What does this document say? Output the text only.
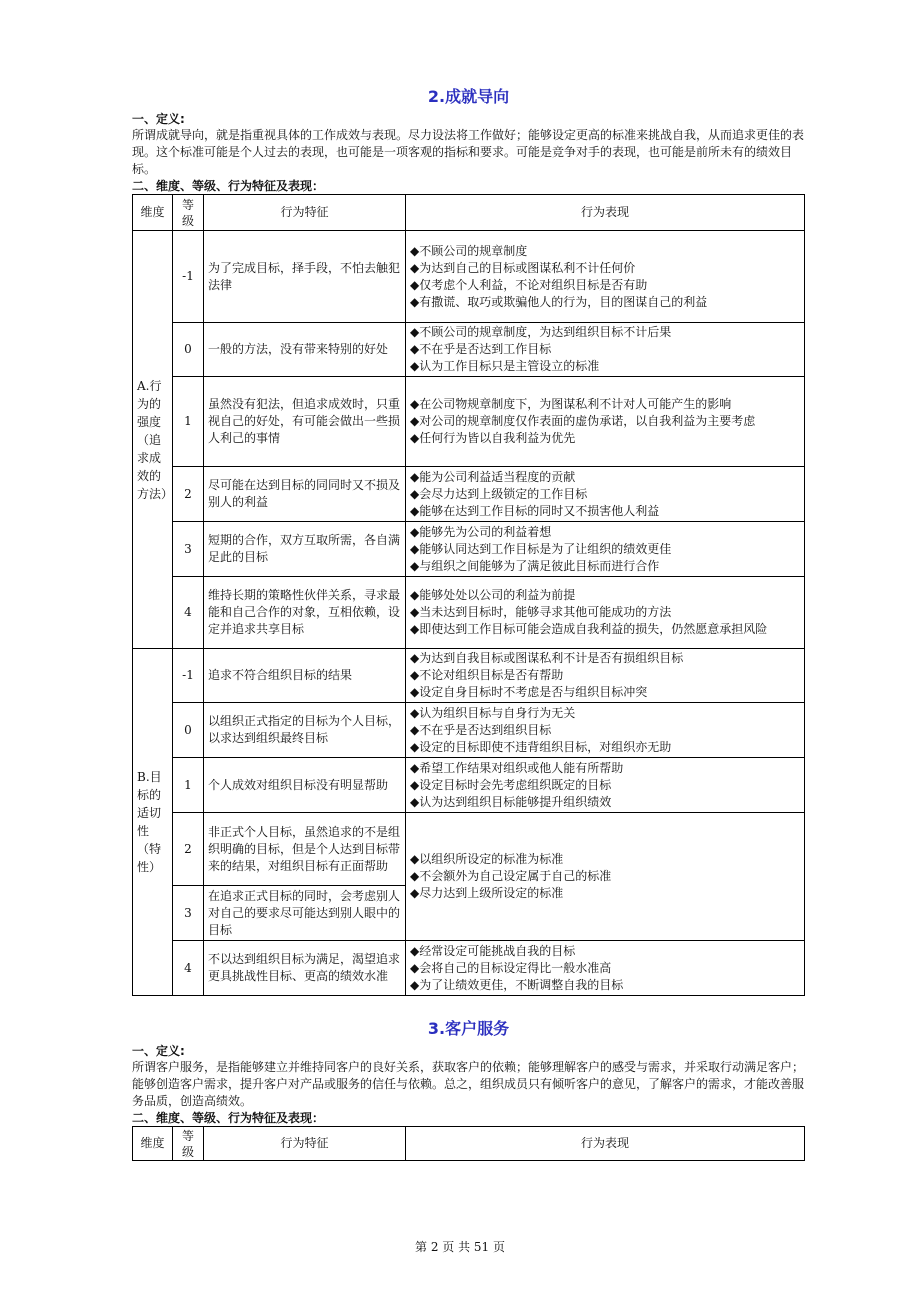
2.成就导向

一、定义:

所谓成就导向，就是指重视具体的工作成效与表现。尽力设法将工作做好；能够设定更高的标准来挑战自我，从而追求更佳的表现。这个标准可能是个人过去的表现，也可能是一项客观的指标和要求。可能是竞争对手的表现，也可能是前所未有的绩效目标。

二、维度、等级、行为特征及表现：

维度	等级	行为特征	行为表现
A.行为的强度（追求成效的方法）	-1	为了完成目标，择手段，不怕去触犯法律	◆不顾公司的规章制度
◆为达到自己的目标或图谋私利不计任何价
◆仅考虑个人利益，不论对组织目标是否有助
◆有撒谎、取巧或欺骗他人的行为，目的图谋自己的利益

	0	一般的方法，没有带来特别的好处	◆不顾公司的规章制度，为达到组织目标不计后果
◆不在乎是否达到工作目标
◆认为工作目标只是主管设立的标准

	1	虽然没有犯法，但追求成效时，只重视自己的好处，有可能会做出一些损人利己的事情	◆在公司物规章制度下，为图谋私利不计对人可能产生的影响
◆对公司的规章制度仅作表面的虚伪承诺，以自我利益为主要考虑
◆任何行为皆以自我利益为优先

	2	尽可能在达到目标的同同时又不损及别人的利益	◆能为公司利益适当程度的贡献
◆会尽力达到上级锁定的工作目标
◆能够在达到工作目标的同时又不损害他人利益

	3	短期的合作，双方互取所需，各自满足此的目标	◆能够先为公司的利益着想
◆能够认同达到工作目标是为了让组织的绩效更佳
◆与组织之间能够为了满足彼此目标而进行合作

	4	维持长期的策略性伙伴关系，寻求最能和自己合作的对象，互相依赖，设定并追求共享目标	◆能够处处以公司的利益为前提
◆当未达到目标时，能够寻求其他可能成功的方法
◆即使达到工作目标可能会造成自我利益的损失，仍然愿意承担风险

B.目标的适切性（特性）	-1	追求不符合组织目标的结果	◆为达到自我目标或图谋私利不计是否有损组织目标
◆不论对组织目标是否有帮助
◆设定自身目标时不考虑是否与组织目标冲突

	0	以组织正式指定的目标为个人目标，以求达到组织最终目标	◆认为组织目标与自身行为无关
◆不在乎是否达到组织目标
◆设定的目标即使不违背组织目标，对组织亦无助

	1	个人成效对组织目标没有明显帮助	◆希望工作结果对组织或他人能有所帮助
◆设定目标时会先考虑组织既定的目标
◆认为达到组织目标能够提升组织绩效

	2	非正式个人目标，虽然追求的不是组织明确的目标，但是个人达到目标带来的结果，对组织目标有正面帮助	◆以组织所设定的标准为标准
◆不会额外为自己设定属于自己的标准
◆尽力达到上级所设定的标准

	3	在追求正式目标的同时，会考虑别人对自己的要求尽可能达到别人眼中的目标	
	4	不以达到组织目标为满足，渴望追求更具挑战性目标、更高的绩效水准	◆经常设定可能挑战自我的目标
◆会将自己的目标设定得比一般水准高
◆为了让绩效更佳，不断调整自我的目标
3.客户服务

一、定义:

所谓客户服务，是指能够建立并维持同客户的良好关系，获取客户的依赖；能够理解客户的感受与需求，并采取行动满足客户；能够创造客户需求，提升客户对产品或服务的信任与依赖。总之，组织成员只有倾听客户的意见，了解客户的需求，才能改善服务品质，创造高绩效。

二、维度、等级、行为特征及表现：

维度	等级	行为特征	行为表现
第 2 页 共 51 页
